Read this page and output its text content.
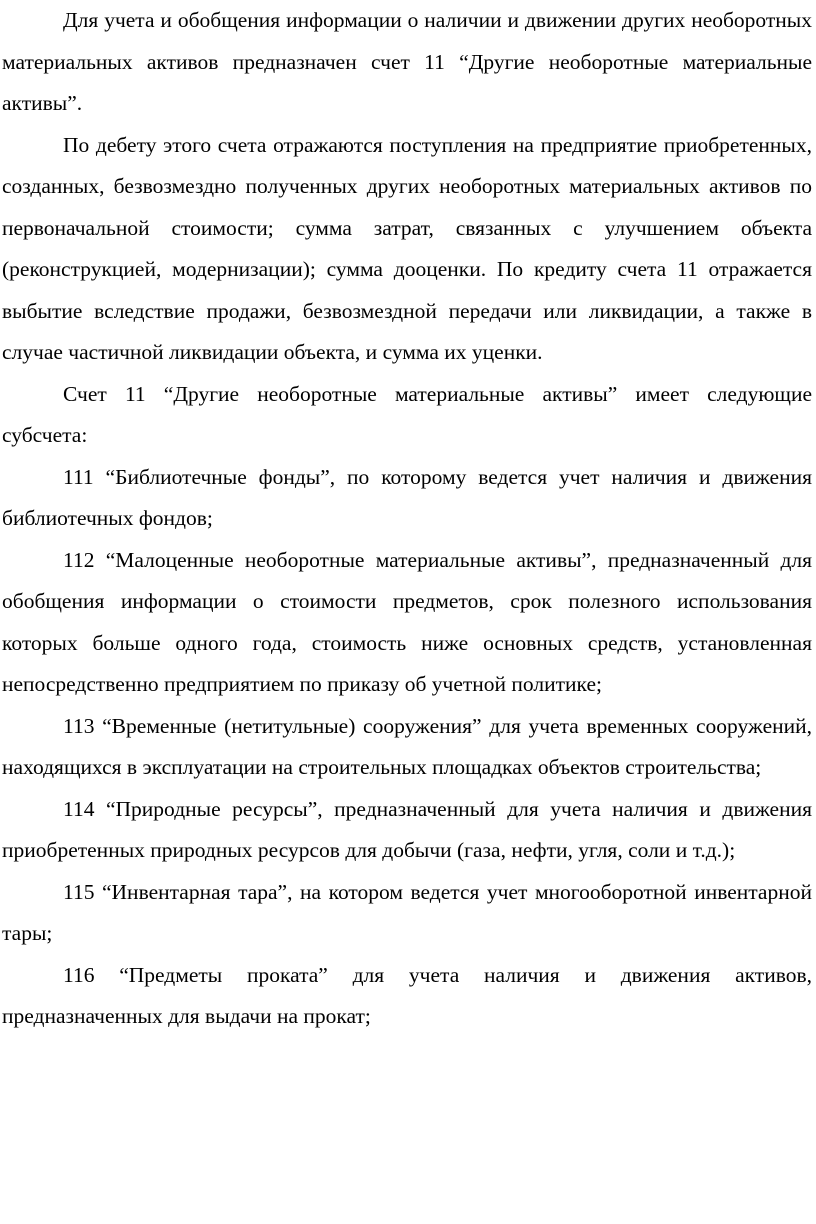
Для учета и обобщения информации о наличии и движении других необоротных материальных активов предназначен счет 11 “Другие необоротные материальные активы”.

По дебету этого счета отражаются поступления на предприятие приобретенных, созданных, безвозмездно полученных других необоротных материальных активов по первоначальной стоимости; сумма затрат, связанных с улучшением объекта (реконструкцией, модернизации); сумма дооценки. По кредиту счета 11 отражается выбытие вследствие продажи, безвозмездной передачи или ликвидации, а также в случае частичной ликвидации объекта, и сумма их уценки.

Счет 11 “Другие необоротные материальные активы” имеет следующие субсчета:

111 “Библиотечные фонды”, по которому ведется учет наличия и движения библиотечных фондов;

112 “Малоценные необоротные материальные активы”, предназначенный для обобщения информации о стоимости предметов, срок полезного использования которых больше одного года, стоимость ниже основных средств, установленная непосредственно предприятием по приказу об учетной политике;

113 “Временные (нетитульные) сооружения” для учета временных сооружений, находящихся в эксплуатации на строительных площадках объектов строительства;

114 “Природные ресурсы”, предназначенный для учета наличия и движения приобретенных природных ресурсов для добычи (газа, нефти, угля, соли и т.д.);

115 “Инвентарная тара”, на котором ведется учет многооборотной инвентарной тары;

116 “Предметы проката” для учета наличия и движения активов, предназначенных для выдачи на прокат;
